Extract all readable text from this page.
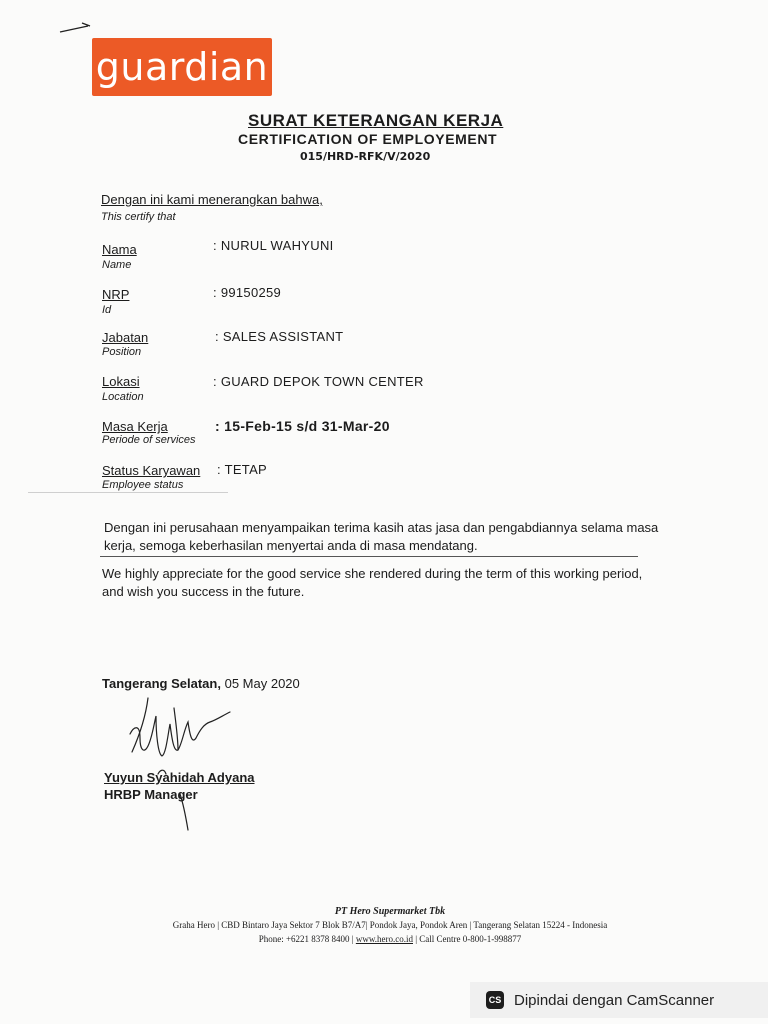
guardian
SURAT KETERANGAN KERJA
CERTIFICATION OF EMPLOYEMENT
015/HRD-RFK/V/2020
Dengan ini kami menerangkan bahwa,
This certify that
Nama
Name
: NURUL WAHYUNI
NRP
Id
: 99150259
Jabatan
Position
: SALES ASSISTANT
Lokasi
Location
: GUARD DEPOK TOWN CENTER
Masa Kerja
Periode of services
: 15-Feb-15 s/d 31-Mar-20
Status Karyawan
Employee status
: TETAP
Dengan ini perusahaan menyampaikan terima kasih atas jasa dan pengabdiannya selama masa kerja, semoga keberhasilan menyertai anda di masa mendatang.
We highly appreciate for the good service she rendered during the term of this working period, and wish you success in the future.
Tangerang Selatan, 05 May 2020
Yuyun Syahidah Adyana
HRBP Manager
PT Hero Supermarket Tbk
Graha Hero | CBD Bintaro Jaya Sektor 7 Blok B7/A7| Pondok Jaya, Pondok Aren | Tangerang Selatan 15224 - Indonesia
Phone: +6221 8378 8400 | www.hero.co.id | Call Centre 0-800-1-998877
CS Dipindai dengan CamScanner
